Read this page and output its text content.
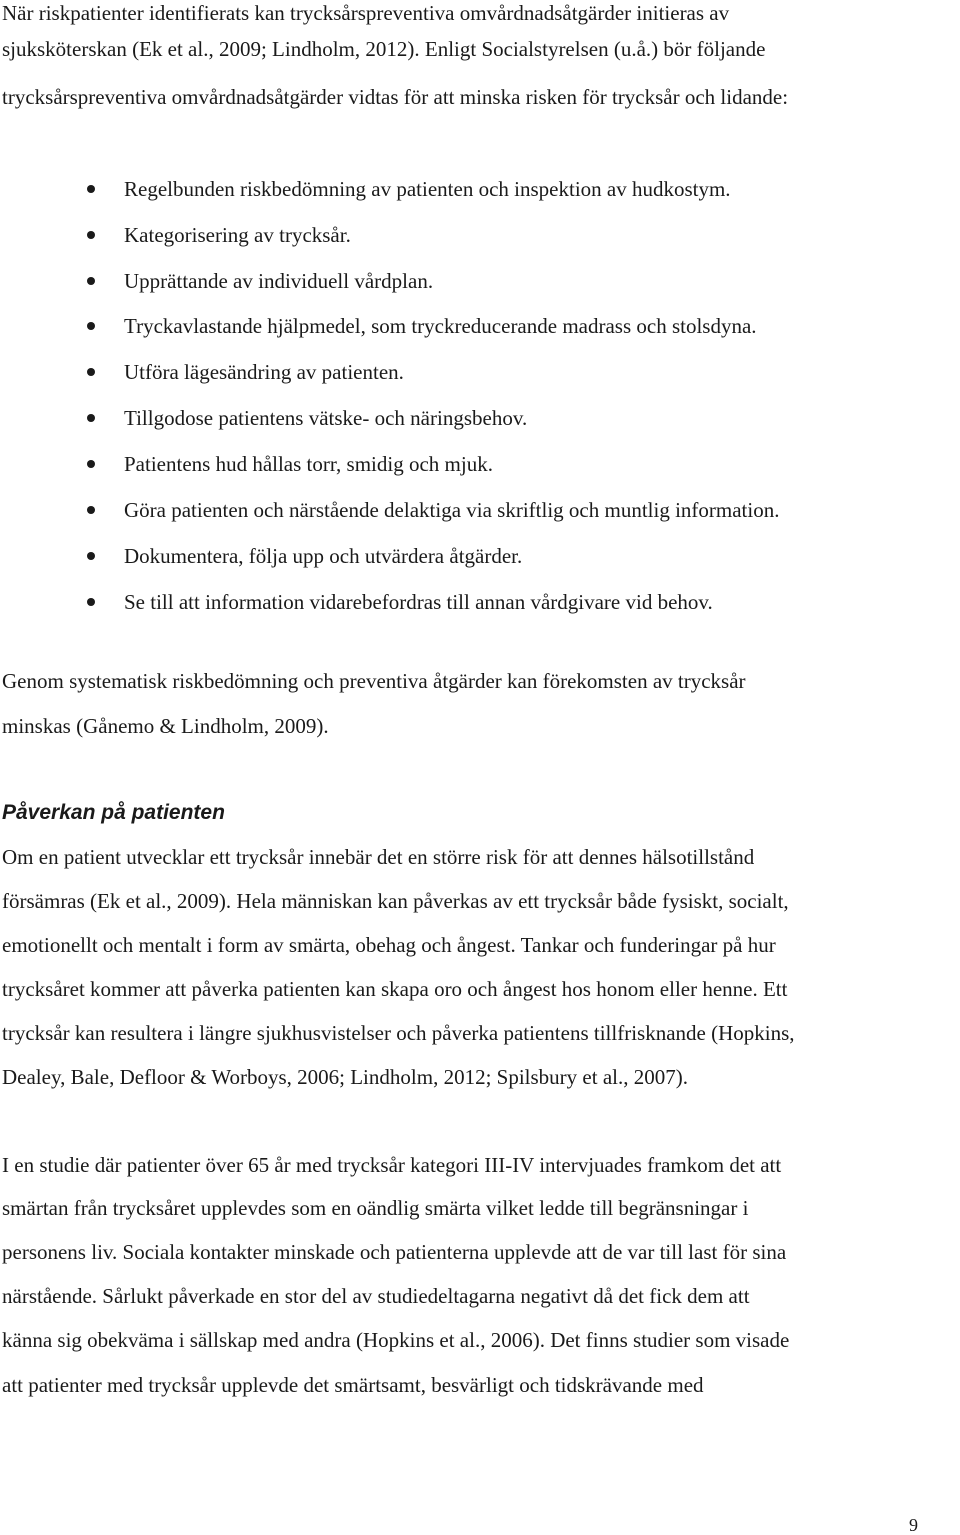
När riskpatienter identifierats kan trycksårspreventiva omvårdnadsåtgärder initieras av
sjuksköterskan (Ek et al., 2009; Lindholm, 2012). Enligt Socialstyrelsen (u.å.) bör följande
trycksårspreventiva omvårdnadsåtgärder vidtas för att minska risken för trycksår och lidande:
Regelbunden riskbedömning av patienten och inspektion av hudkostym.
Kategorisering av trycksår.
Upprättande av individuell vårdplan.
Tryckavlastande hjälpmedel, som tryckreducerande madrass och stolsdyna.
Utföra lägesändring av patienten.
Tillgodose patientens vätske- och näringsbehov.
Patientens hud hållas torr, smidig och mjuk.
Göra patienten och närstående delaktiga via skriftlig och muntlig information.
Dokumentera, följa upp och utvärdera åtgärder.
Se till att information vidarebefordras till annan vårdgivare vid behov.
Genom systematisk riskbedömning och preventiva åtgärder kan förekomsten av trycksår
minskas (Gånemo & Lindholm, 2009).
Påverkan på patienten
Om en patient utvecklar ett trycksår innebär det en större risk för att dennes hälsotillstånd
försämras (Ek et al., 2009). Hela människan kan påverkas av ett trycksår både fysiskt, socialt,
emotionellt och mentalt i form av smärta, obehag och ångest. Tankar och funderingar på hur
trycksåret kommer att påverka patienten kan skapa oro och ångest hos honom eller henne. Ett
trycksår kan resultera i längre sjukhusvistelser och påverka patientens tillfrisknande (Hopkins,
Dealey, Bale, Defloor & Worboys, 2006; Lindholm, 2012; Spilsbury et al., 2007).
I en studie där patienter över 65 år med trycksår kategori III-IV intervjuades framkom det att
smärtan från trycksåret upplevdes som en oändlig smärta vilket ledde till begränsningar i
personens liv. Sociala kontakter minskade och patienterna upplevde att de var till last för sina
närstående. Sårlukt påverkade en stor del av studiedeltagarna negativt då det fick dem att
känna sig obekväma i sällskap med andra (Hopkins et al., 2006). Det finns studier som visade
att patienter med trycksår upplevde det smärtsamt, besvärligt och tidskrävande med
9
